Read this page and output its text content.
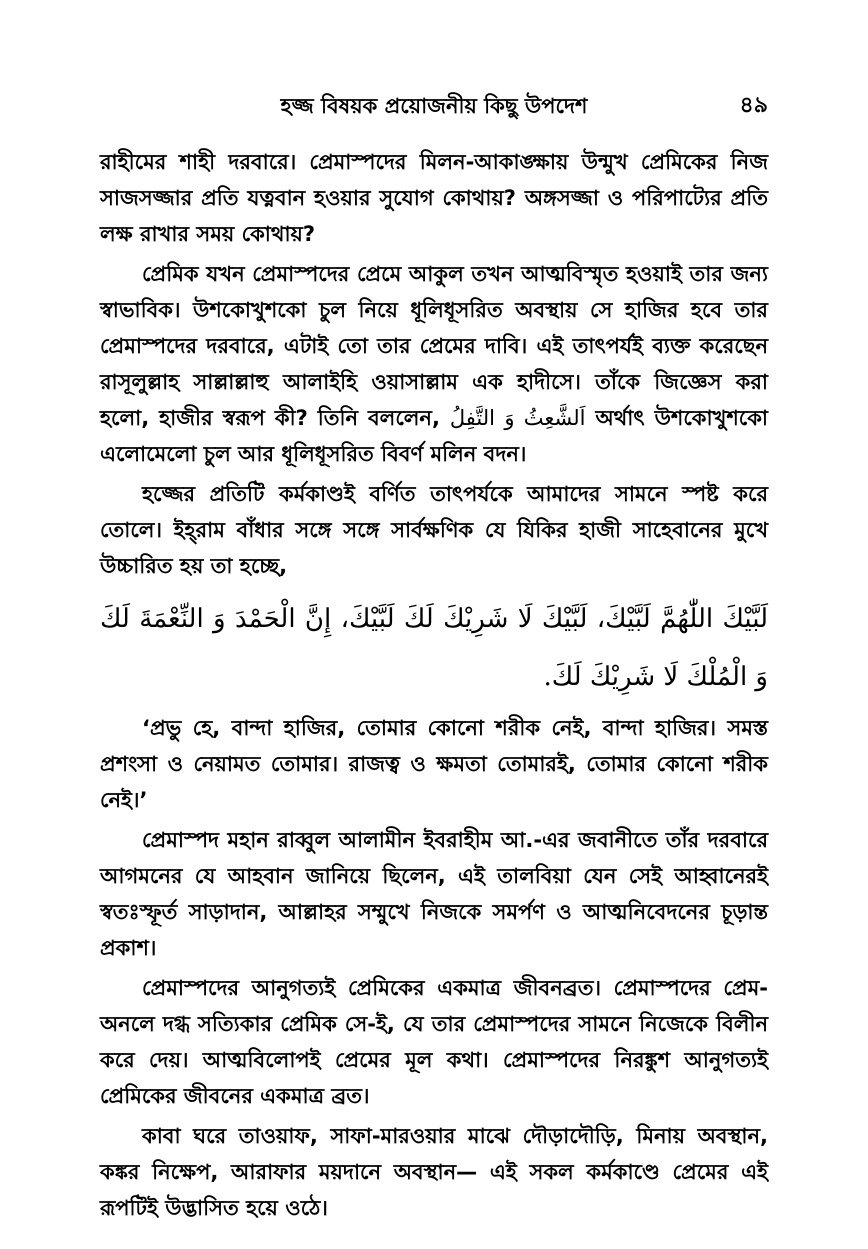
হজ্জ বিষয়ক প্রয়োজনীয় কিছু উপদেশ	৪৯

রাহীমের শাহী দরবারে। প্রেমাস্পদের মিলন-আকাঙ্ক্ষায় উন্মুখ প্রেমিকের নিজ সাজসজ্জার প্রতি যত্নবান হওয়ার সুযোগ কোথায়? অঙ্গসজ্জা ও পরিপাট্যের প্রতি লক্ষ রাখার সময় কোথায়?

প্রেমিক যখন প্রেমাস্পদের প্রেমে আকুল তখন আত্মবিস্মৃত হওয়াই তার জন্য স্বাভাবিক। উশকোখুশকো চুল নিয়ে ধূলিধূসরিত অবস্থায় সে হাজির হবে তার প্রেমাস্পদের দরবারে, এটাই তো তার প্রেমের দাবি। এই তাৎপর্যই ব্যক্ত করেছেন রাসূলুল্লাহ সাল্লাল্লাহু আলাইহি ওয়াসাল্লাম এক হাদীসে। তাঁকে জিজ্ঞেস করা হলো, হাজীর স্বরূপ কী? তিনি বললেন, اَلشَّعِثُ وَ التَّفِلُ অর্থাৎ উশকোখুশকো এলোমেলো চুল আর ধূলিধূসরিত বিবর্ণ মলিন বদন।

হজ্জের প্রতিটি কর্মকাণ্ডই বর্ণিত তাৎপর্যকে আমাদের সামনে স্পষ্ট করে তোলে। ইহ্‌রাম বাঁধার সঙ্গে সঙ্গে সার্বক্ষণিক যে যিকির হাজী সাহেবানের মুখে উচ্চারিত হয় তা হচ্ছে,

لَبَّيْكَ اللّٰهُمَّ لَبَّيْكَ، لَبَّيْكَ لَا شَرِيْكَ لَكَ لَبَّيْكَ، إِنَّ الْحَمْدَ وَ النِّعْمَةَ لَكَ وَ الْمُلْكَ لَا شَرِيْكَ لَكَ.

‘প্রভু হে, বান্দা হাজির, তোমার কোনো শরীক নেই, বান্দা হাজির। সমস্ত প্রশংসা ও নেয়ামত তোমার। রাজত্ব ও ক্ষমতা তোমারই, তোমার কোনো শরীক নেই।’

প্রেমাস্পদ মহান রাব্বুল আলামীন ইবরাহীম আ.-এর জবানীতে তাঁর দরবারে আগমনের যে আহবান জানিয়ে ছিলেন, এই তালবিয়া যেন সেই আহ্বানেরই স্বতঃস্ফূর্ত সাড়াদান, আল্লাহর সম্মুখে নিজকে সমর্পণ ও আত্মনিবেদনের চূড়ান্ত প্রকাশ।

প্রেমাস্পদের আনুগত্যই প্রেমিকের একমাত্র জীবনব্রত। প্রেমাস্পদের প্রেম-অনলে দগ্ধ সত্যিকার প্রেমিক সে-ই, যে তার প্রেমাস্পদের সামনে নিজেকে বিলীন করে দেয়। আত্মবিলোপই প্রেমের মূল কথা। প্রেমাস্পদের নিরঙ্কুশ আনুগত্যই প্রেমিকের জীবনের একমাত্র ব্রত।

কাবা ঘরে তাওয়াফ, সাফা-মারওয়ার মাঝে দৌড়াদৌড়ি, মিনায় অবস্থান, কঙ্কর নিক্ষেপ, আরাফার ময়দানে অবস্থান— এই সকল কর্মকাণ্ডে প্রেমের এই রূপটিই উদ্ভাসিত হয়ে ওঠে।
